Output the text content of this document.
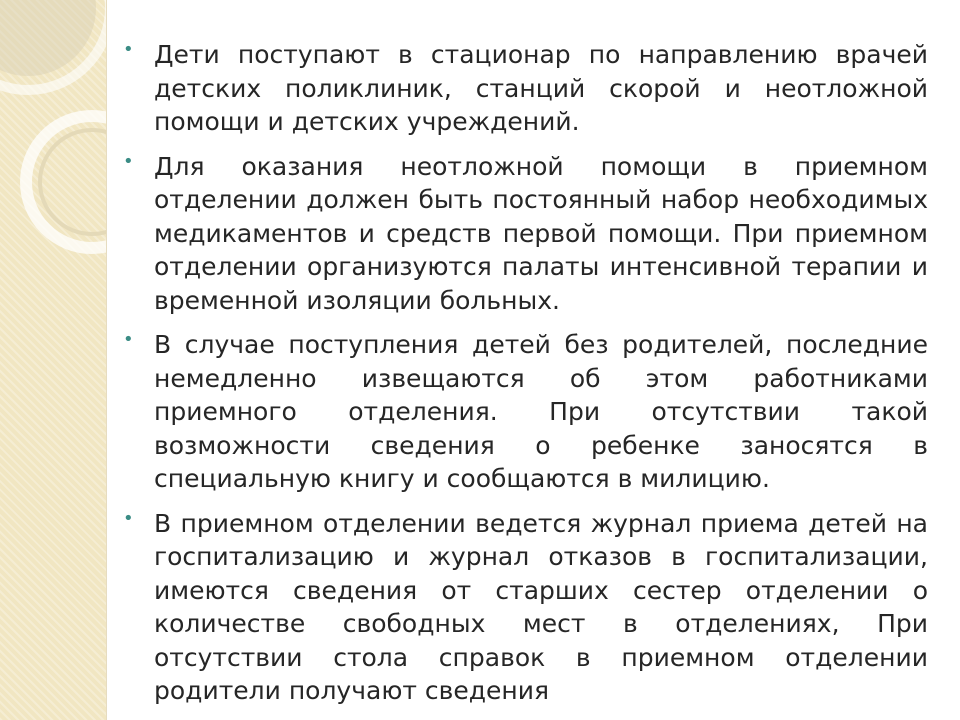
• Дети поступают в стационар по направлению врачей детских поликлиник, станций скорой и неотложной помощи и детских учреждений.

• Для оказания неотложной помощи в приемном отделении должен быть постоянный набор необходимых медикаментов и средств первой помощи. При приемном отделении организуются палаты интенсивной терапии и временной изоляции больных.

• В случае поступления детей без родителей, последние немедленно извещаются об этом работниками приемного отделения. При отсутствии такой возможности сведения о ребенке заносятся в специальную книгу и сообщаются в милицию.

• В приемном отделении ведется журнал приема детей на госпитализацию и журнал отказов в госпитализации, имеются сведения от старших сестер отделении о количестве свободных мест в отделениях, При отсутствии стола справок в приемном отделении родители получают сведения
